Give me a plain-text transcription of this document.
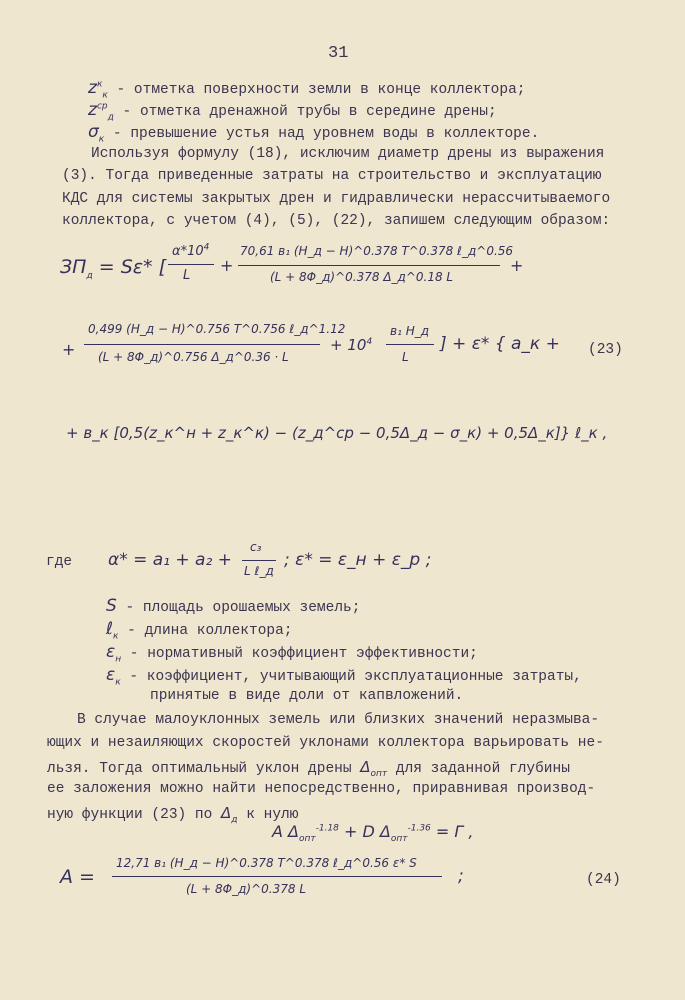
31
$z^к_к$ - отметка поверхности земли в конце коллектора;
$z^{ср}_д$ - отметка дренажной трубы в середине дрены;
$\sigma_к$ - превышение устья над уровнем воды в коллекторе.
Используя формулу (18), исключим диаметр дрены из выражения
(3). Тогда приведенные затраты на строительство и эксплуатацию
КДС для системы закрытых дрен и гидравлически нерассчитываемого
коллектора, с учетом (4), (5), (22), запишем следующим образом:
$ЗП_д = S\varepsilon*$ [
$\alpha*10^4$
L
+
70,61 в₁ (H_д − H)^0.378 T^0.378 ℓ_д^0.56
(L + 8Φ_д)^0.378 Δ_д^0.18 L
+
+
0,499 (H_д − H)^0.756 T^0.756 ℓ_д^1.12
(L + 8Φ_д)^0.756 Δ_д^0.36 · L
+ $10^4$
в₁ H_д
L
] + ε* { a_к + (23)
+ в_к [0,5(z_к^н + z_к^к) − (z_д^ср − 0,5Δ_д − σ_к) + 0,5Δ_к]} ℓ_к ,
где α* = a₁ + a₂ +
c₃
L ℓ_д
; ε* = ε_н + ε_р ;
S - площадь орошаемых земель;
ℓ$_к$ - длина коллектора;
$\varepsilon_н$ - нормативный коэффициент эффективности;
$\varepsilon_к$ - коэффициент, учитывающий эксплуатационные затраты,
принятые в виде доли от капвложений.
В случае малоуклонных земель или близких значений неразмыва-
ющих и незаиляющих скоростей уклонами коллектора варьировать не-
льзя. Тогда оптимальный уклон дрены $\Delta_{опт}$ для заданной глубины
ее заложения можно найти непосредственно, приравнивая производ-
ную функции (23) по $\Delta_д$ к нулю
A $\Delta_{опт}^{-1.18} + D$ $\Delta_{опт}^{-1.36} = \Gamma$ ,
A =
12,71 в₁ (H_д − H)^0.378 T^0.378 ℓ_д^0.56 ε* S
(L + 8Φ_д)^0.378 L
;	(24)
